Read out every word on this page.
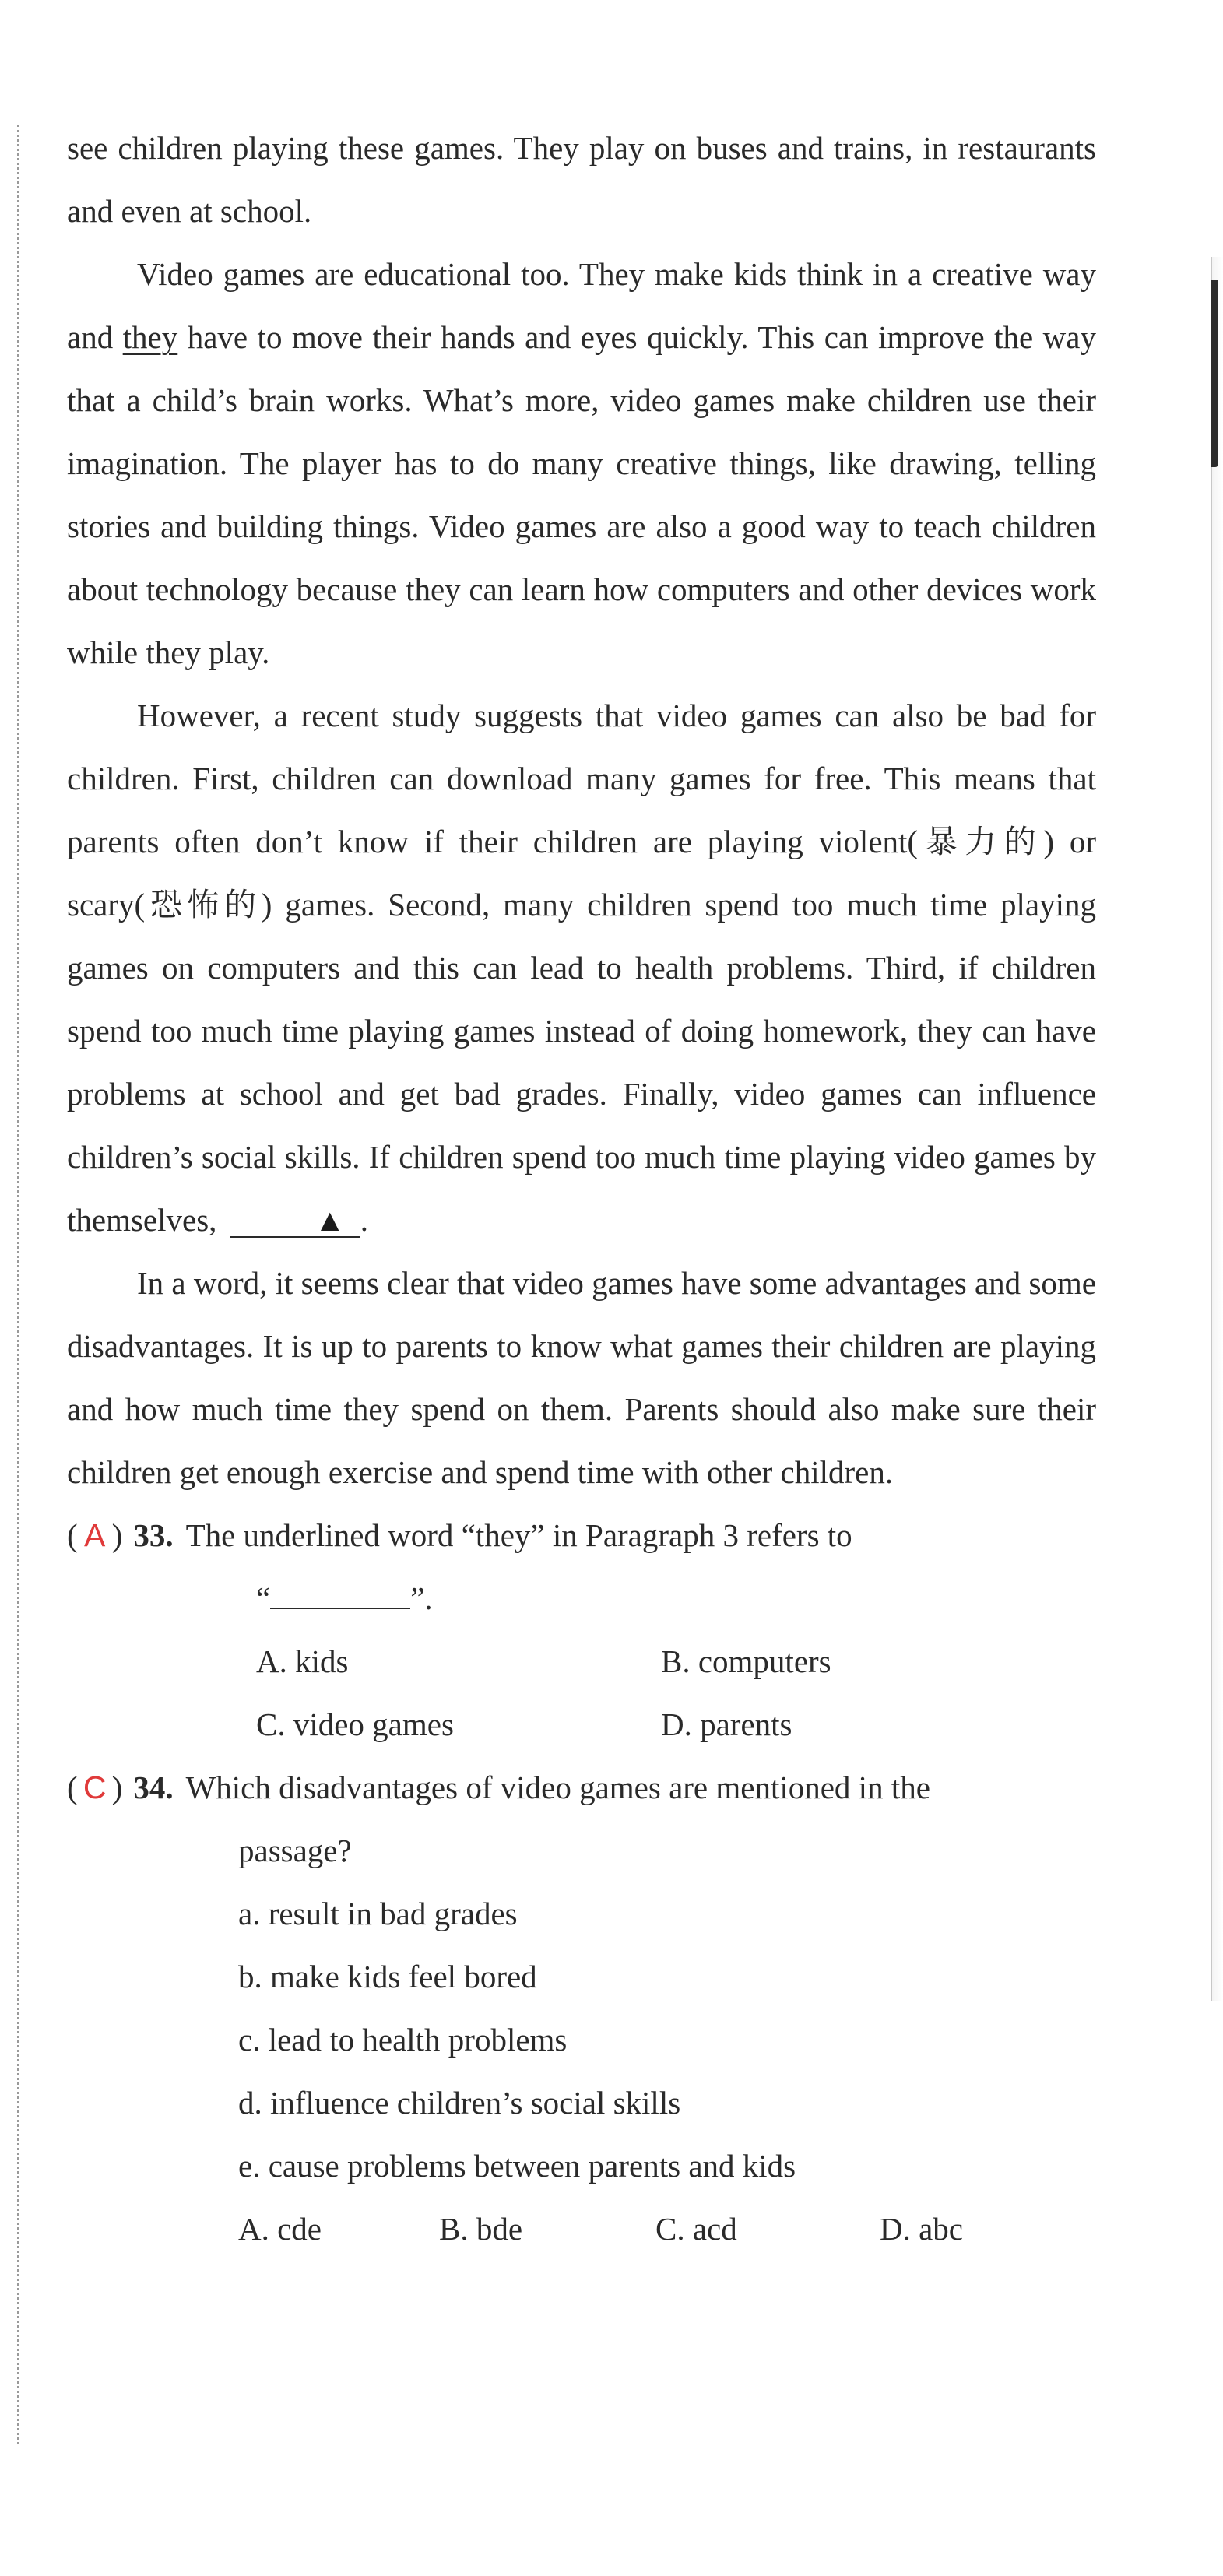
see children playing these games. They play on buses and trains, in restaurants and even at school.

Video games are educational too. They make kids think in a creative way and they have to move their hands and eyes quickly. This can improve the way that a child’s brain works. What’s more, video games make children use their imagination. The player has to do many creative things, like drawing, telling stories and building things. Video games are also a good way to teach children about technology because they can learn how computers and other devices work while they play.

However, a recent study suggests that video games can also be bad for children. First, children can download many games for free. This means that parents often don’t know if their children are playing violent(暴力的) or scary(恐怖的) games. Second, many children spend too much time playing games on computers and this can lead to health problems. Third, if children spend too much time playing games instead of doing homework, they can have problems at school and get bad grades. Finally, video games can influence children’s social skills. If children spend too much time playing video games by themselves,	▲ .

In a word, it seems clear that video games have some advantages and some disadvantages. It is up to parents to know what games their children are playing and how much time they spend on them. Parents should also make sure their children get enough exercise and spend time with other children.

( A ) 33. The underlined word “they” in Paragraph 3 refers to
“	”.
A. kids	B. computers
C. video games	D. parents
( C ) 34. Which disadvantages of video games are mentioned in the
passage?
a. result in bad grades
b. make kids feel bored
c. lead to health problems
d. influence children’s social skills
e. cause problems between parents and kids
A. cde	B. bde	C. acd	D. abc
